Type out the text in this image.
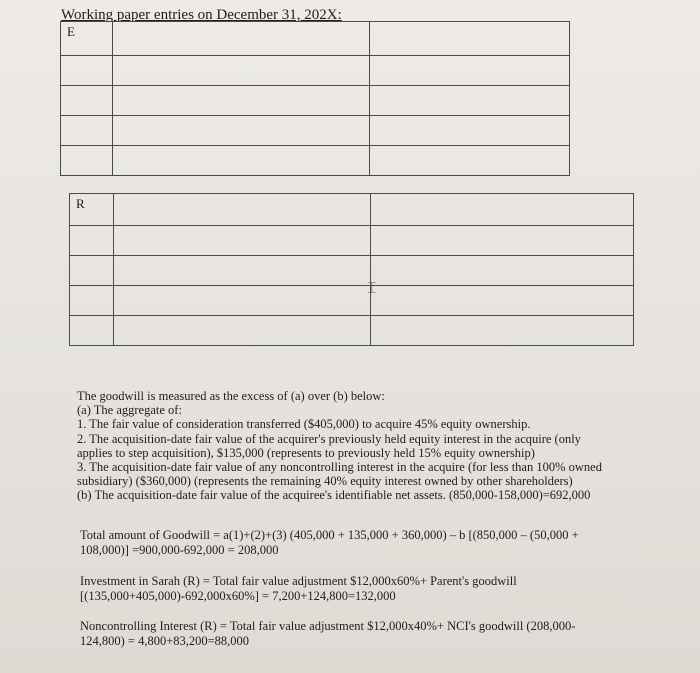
Working paper entries on December 31, 202X:
E		

R		

⌶

The goodwill is measured as the excess of (a) over (b) below:

(a) The aggregate of:

1. The fair value of consideration transferred ($405,000) to acquire 45% equity ownership.

2. The acquisition-date fair value of the acquirer's previously held equity interest in the acquire (only

applies to step acquisition), $135,000 (represents to previously held 15% equity ownership)

3. The acquisition-date fair value of any noncontrolling interest in the acquire (for less than 100% owned

subsidiary) ($360,000) (represents the remaining 40% equity interest owned by other shareholders)

(b) The acquisition-date fair value of the acquiree's identifiable net assets. (850,000-158,000)=692,000

Total amount of Goodwill = a(1)+(2)+(3) (405,000 + 135,000 + 360,000) – b [(850,000 – (50,000 +

108,000)] =900,000-692,000 = 208,000

Investment in Sarah (R) = Total fair value adjustment $12,000x60%+ Parent's goodwill

[(135,000+405,000)-692,000x60%] = 7,200+124,800=132,000

Noncontrolling Interest (R) = Total fair value adjustment $12,000x40%+ NCI's goodwill (208,000-

124,800) = 4,800+83,200=88,000
